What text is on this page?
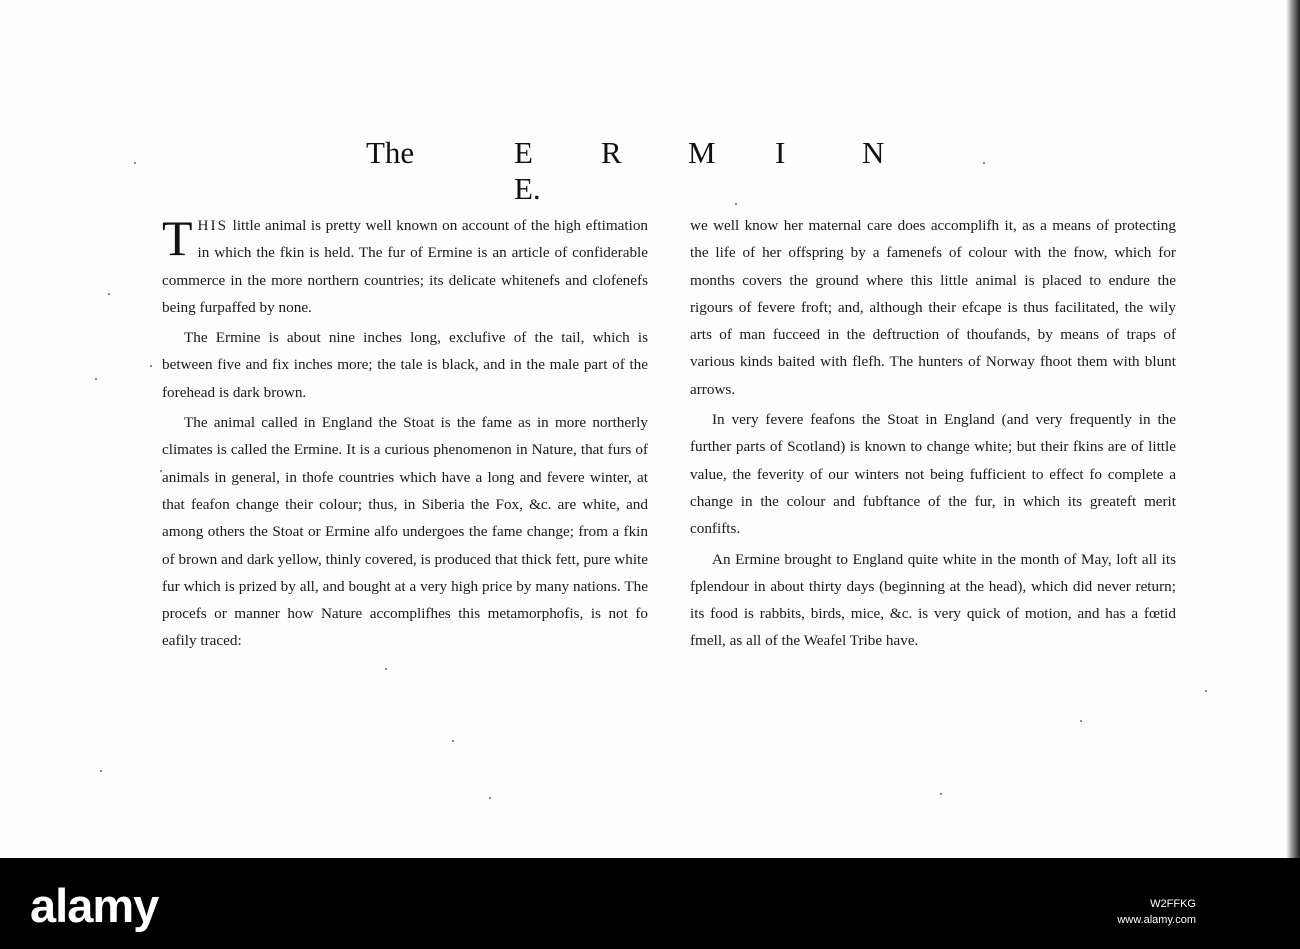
The	E R M I NE.

THIS little animal is pretty well known on account of the high eftimation in which the fkin is held. The fur of Ermine is an article of confiderable commerce in the more northern countries; its delicate whitenefs and clofenefs being furpaffed by none.

The Ermine is about nine inches long, exclufive of the tail, which is between five and fix inches more; the tale is black, and in the male part of the forehead is dark brown.

The animal called in England the Stoat is the fame as in more northerly climates is called the Ermine. It is a curious phenomenon in Nature, that furs of animals in general, in thofe countries which have a long and fevere winter, at that feafon change their colour; thus, in Siberia the Fox, &c. are white, and among others the Stoat or Ermine alfo undergoes the fame change; from a fkin of brown and dark yellow, thinly covered, is produced that thick fett, pure white fur which is prized by all, and bought at a very high price by many nations. The procefs or manner how Nature accomplifhes this metamorphofis, is not fo eafily traced:

we well know her maternal care does accomplifh it, as a means of protecting the life of her offspring by a famenefs of colour with the fnow, which for months covers the ground where this little animal is placed to endure the rigours of fevere froft; and, although their efcape is thus facilitated, the wily arts of man fucceed in the deftruction of thoufands, by means of traps of various kinds baited with flefh. The hunters of Norway fhoot them with blunt arrows.

In very fevere feafons the Stoat in England (and very frequently in the further parts of Scotland) is known to change white; but their fkins are of little value, the feverity of our winters not being fufficient to effect fo complete a change in the colour and fubftance of the fur, in which its greateft merit confifts.

An Ermine brought to England quite white in the month of May, loft all its fplendour in about thirty days (beginning at the head), which did never return; its food is rabbits, birds, mice, &c. is very quick of motion, and has a fœtid fmell, as all of the Weafel Tribe have.

alamy	W2FFKG
www.alamy.com
